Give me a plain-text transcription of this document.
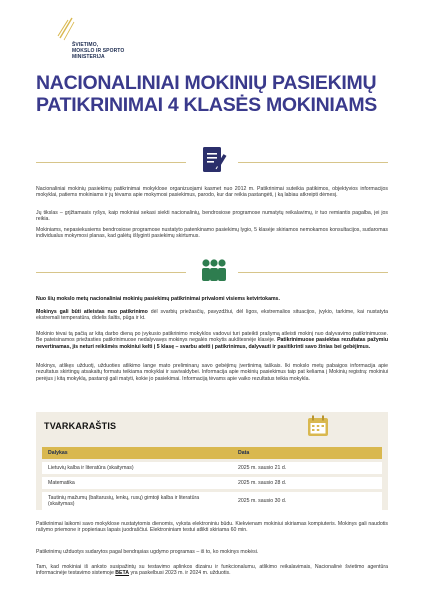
ŠVIETIMO,
MOKSLO IR SPORTO
MINISTERIJA
NACIONALINIAI MOKINIŲ PASIEKIMŲ PATIKRINIMAI 4 KLASĖS MOKINIAMS
Nacionaliniai mokinių pasiekimų patikrinimai mokyklose organizuojami kasmet nuo 2012 m. Patikrinimai suteikia patikimos, objektyvios informacijos mokyklai, patiems mokiniams ir jų tėvams apie mokymosi pasiekimus, parodo, kur dar reikia pastangėti, į ką labiau atkreipti dėmesį.
Jų tikslas – grįžtamasis ryšys, kaip mokiniai sekasi siekti nacionalinių, bendrosiose programose numatytų reikalavimų, ir tuo remiantis pagalba, jei jos reikia.
Mokiniams, nepasiekusiems bendrosiose programose nustatyto patenkinamo pasiekimų lygio, 5 klasėje skiriamos nemokamos konsultacijos, sudaromas individualus mokymosi planas, kad galėtų išlyginti pasiekimų skirtumus.
Nuo šių mokslo metų nacionaliniai mokinių pasiekimų patikrinimai privalomi visiems ketvirtokams.
Mokinys gali būti atleistas nuo patikrinimo dėl svarbių priežasčių, pavyzdžiui, dėl ligos, ekstremalios situacijos, įvykio, tarkime, kai nustatyta ekstremali temperatūra, didelis šaltis, pūga ir kt.
Mokinio tėvai tą pačią ar kitą darbo dieną po įvykusio patikrinimo mokyklos vadovui turi pateikti prašymą atleisti mokinį nuo dalyvavimo patikrinimuose. Be pateisinamos priežasties patikrinimuose nedalyvavęs mokinys negalės mokytis aukštesnėje klasėje. Patikrinimuose pasiektas rezultatas pažymiu nevertinamas, jis neturi reikšmės mokiniui kelti į 5 klasę – svarbu ateiti į patikrinimus, dalyvauti ir pasitikrinti savo žinias bei gebėjimus.
Mokinys, atlikęs užduotį, užduoties atlikimo lange mato preliminarų savo gebėjimų įvertinimą taškais. Iki mokslo metų pabaigos informacija apie rezultatus skirtingų atsakaitų formatu teikiama mokyklai ir savivaldybei. Informacija apie mokinių pasiekimus taip pat keliama į Mokinių registrą: mokiniui perėjus į kitą mokyklą, pastaroji gali matyti, kokie jo pasiekimai. Informaciją tėvams apie vaiko rezultatus teikia mokykla.
TVARKARAŠTIS
Dalykas	Data
Lietuvių kalba ir literatūra (skaitymas)	2025 m. sausio 21 d.
Matematika	2025 m. sausio 28 d.
Tautinių mažumų (baltarusių, lenkų, rusų) gimtoji kalba ir literatūra (skaitymas)	2025 m. sausio 30 d.
Patikrinimai laikomi savo mokyklose nustatytomis dienomis, vyksta elektroniniu būdu. Kiekvienam mokiniui skiriamas kompiuteris. Mokinys gali naudotis rašymo priemone ir popieriaus lapais juodraščiui. Elektroniniam testui atlikti skiriama 60 min.
Patikrinimų užduotys sudarytos pagal bendrąsias ugdymo programas – iš to, ko mokinys mokėsi.
Tam, kad mokiniai iš anksto susipažintų su testavimo aplinkos dizainu ir funkcionalumu, atlikimo reikalavimais, Nacionalinė švietimo agentūra informacinėje testavimo sistemoje BETA yra paskelbusi 2023 m. ir 2024 m. užduotis.
